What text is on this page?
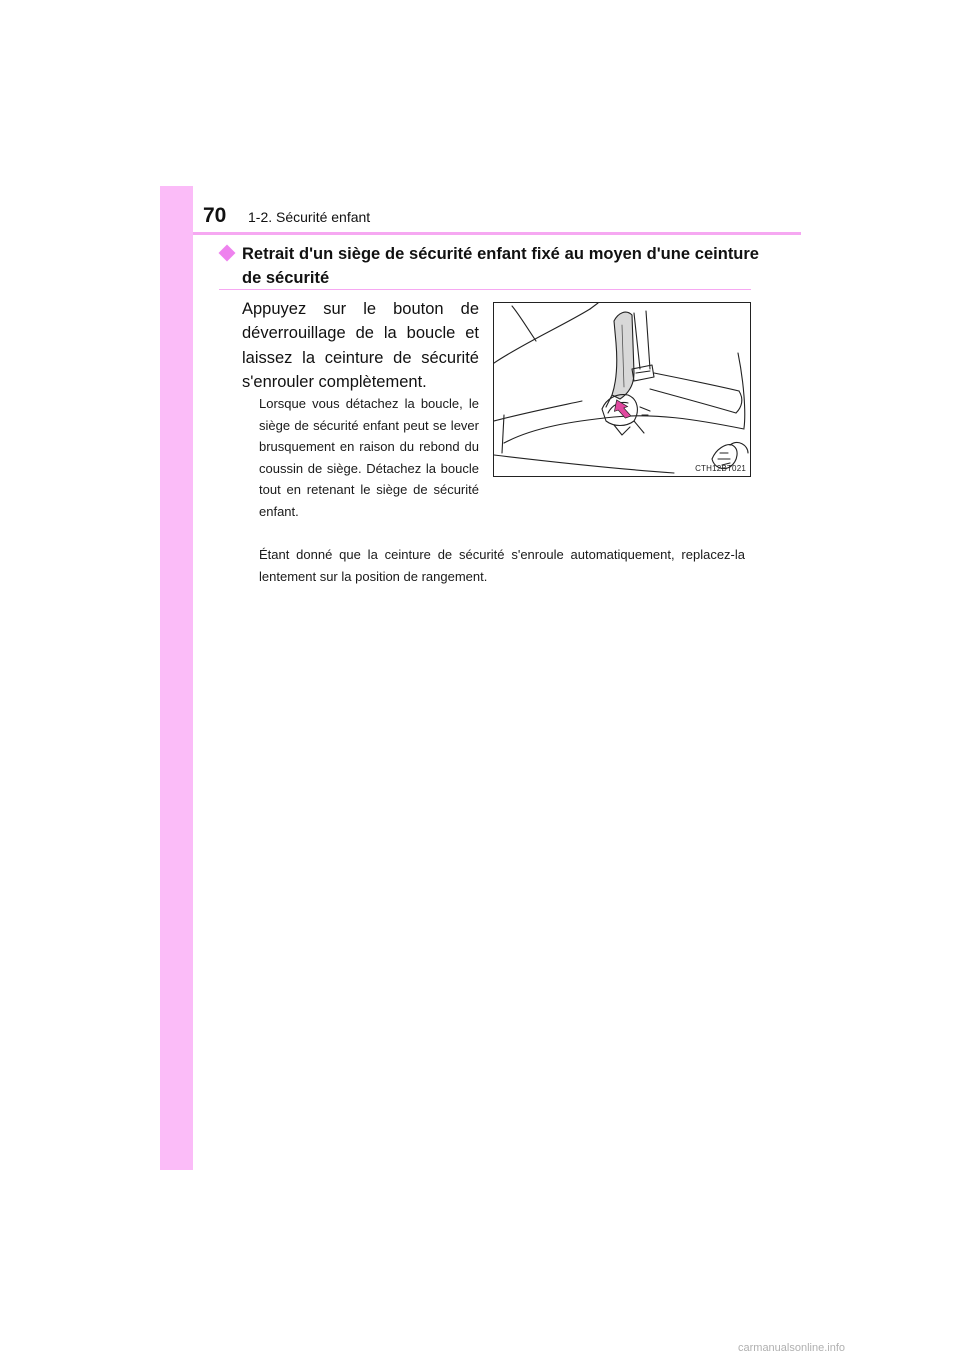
70 1-2. Sécurité enfant

Retrait d'un siège de sécurité enfant fixé au moyen d'une ceinture de sécurité

Appuyez sur le bouton de déverrouillage de la boucle et laissez la ceinture de sécurité s'enrouler complètement.

Lorsque vous détachez la boucle, le siège de sécurité enfant peut se lever brusquement en raison du rebond du coussin de siège. Détachez la boucle tout en retenant le siège de sécurité enfant.

Étant donné que la ceinture de sécurité s'enroule automatiquement, replacez-la lentement sur la position de rangement.

CTH12BT021
carmanualsonline.info
